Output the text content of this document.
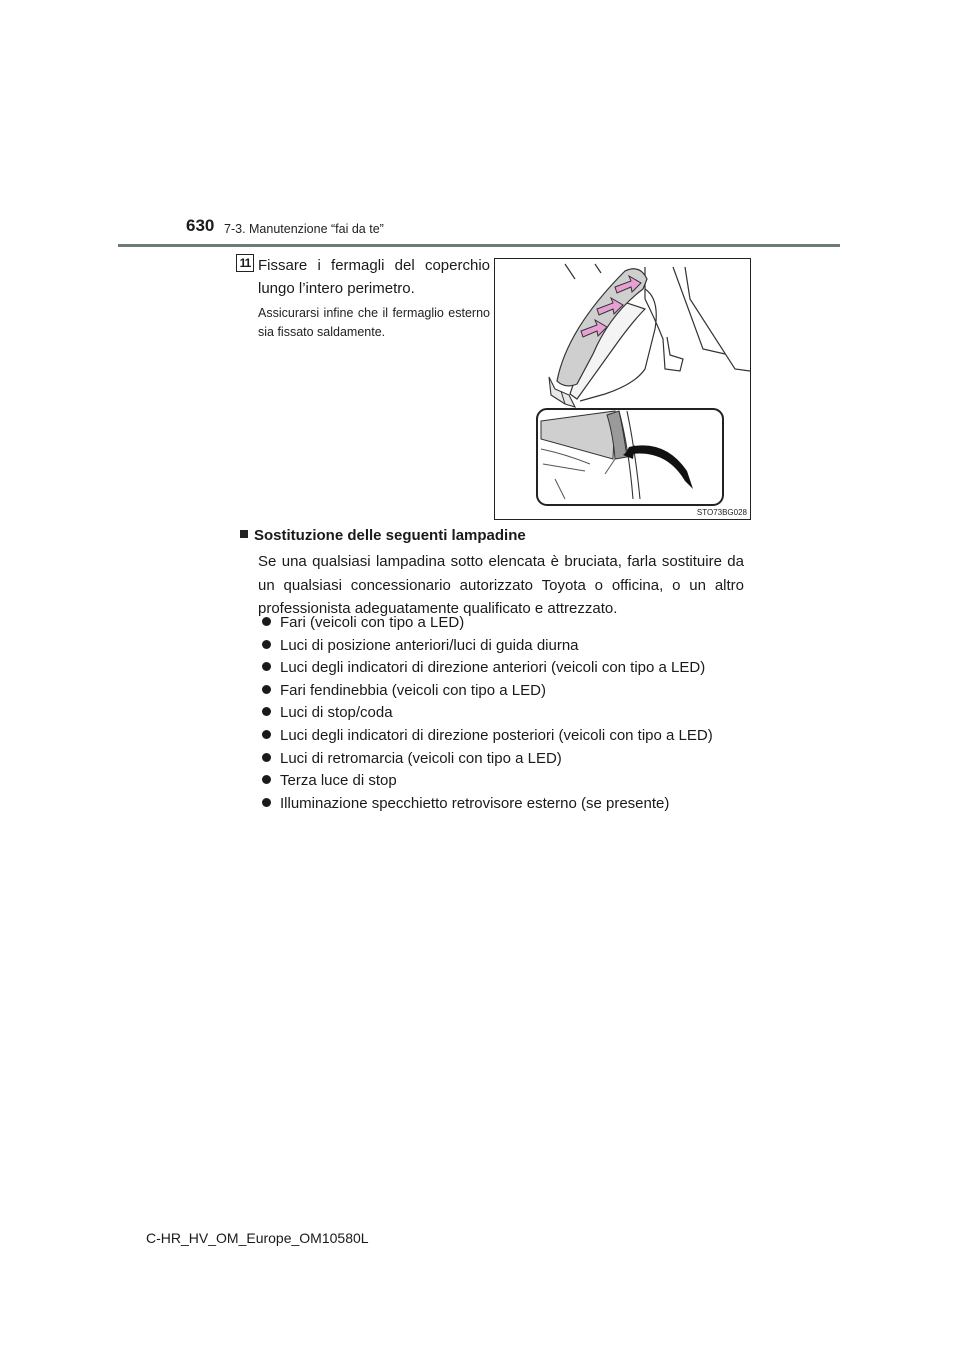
630 7-3. Manutenzione “fai da te”
11 Fissare i fermagli del coperchio lungo l’intero perimetro.
Assicurarsi infine che il fermaglio esterno sia fissato saldamente.
STO73BG028
Sostituzione delle seguenti lampadine
Se una qualsiasi lampadina sotto elencata è bruciata, farla sostituire da un qualsiasi concessionario autorizzato Toyota o officina, o un altro professionista adeguatamente qualificato e attrezzato.
Fari (veicoli con tipo a LED)
Luci di posizione anteriori/luci di guida diurna
Luci degli indicatori di direzione anteriori (veicoli con tipo a LED)
Fari fendinebbia (veicoli con tipo a LED)
Luci di stop/coda
Luci degli indicatori di direzione posteriori (veicoli con tipo a LED)
Luci di retromarcia (veicoli con tipo a LED)
Terza luce di stop
Illuminazione specchietto retrovisore esterno (se presente)
C-HR_HV_OM_Europe_OM10580L
